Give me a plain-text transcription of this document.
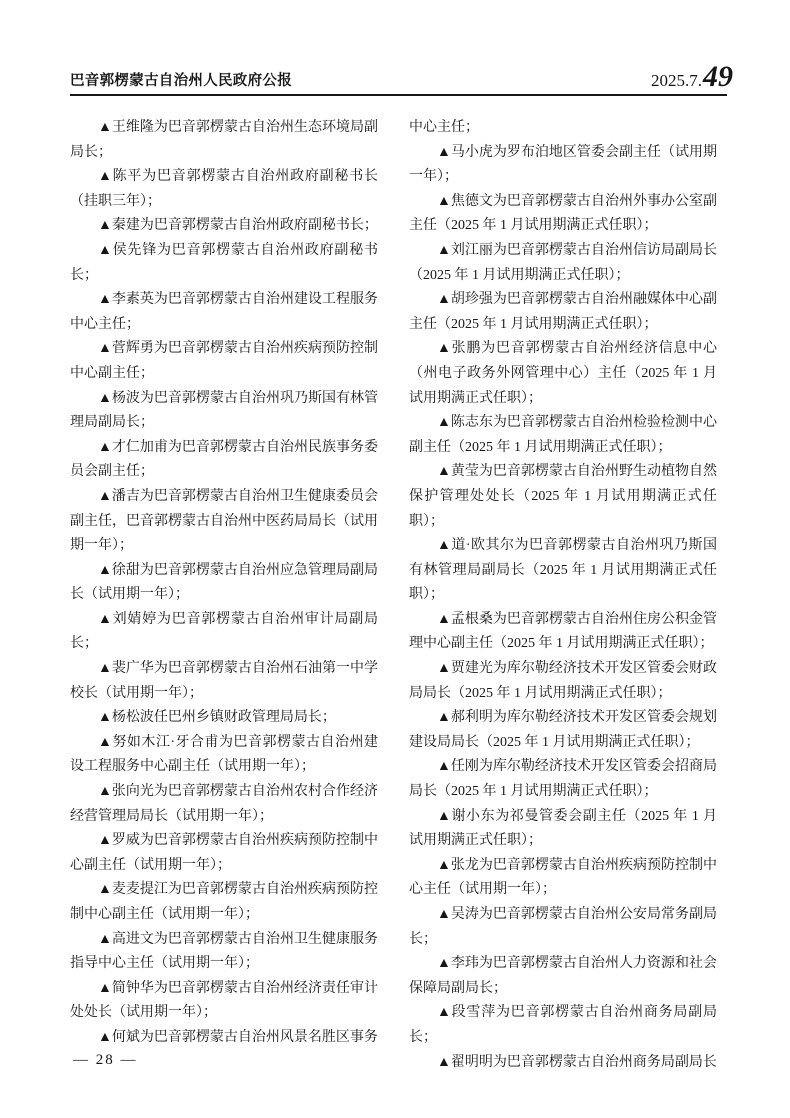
巴音郭楞蒙古自治州人民政府公报	2025.7. 49

▲王维隆为巴音郭楞蒙古自治州生态环境局副局长；

▲陈平为巴音郭楞蒙古自治州政府副秘书长（挂职三年）；

▲秦建为巴音郭楞蒙古自治州政府副秘书长；

▲侯先锋为巴音郭楞蒙古自治州政府副秘书长；

▲李素英为巴音郭楞蒙古自治州建设工程服务中心主任；

▲菅辉勇为巴音郭楞蒙古自治州疾病预防控制中心副主任；

▲杨波为巴音郭楞蒙古自治州巩乃斯国有林管理局副局长；

▲才仁加甫为巴音郭楞蒙古自治州民族事务委员会副主任；

▲潘吉为巴音郭楞蒙古自治州卫生健康委员会副主任，巴音郭楞蒙古自治州中医药局局长（试用期一年）；

▲徐甜为巴音郭楞蒙古自治州应急管理局副局长（试用期一年）；

▲刘婧婷为巴音郭楞蒙古自治州审计局副局长；

▲裴广华为巴音郭楞蒙古自治州石油第一中学校长（试用期一年）；

▲杨松波任巴州乡镇财政管理局局长；

▲努如木江·牙合甫为巴音郭楞蒙古自治州建设工程服务中心副主任（试用期一年）；

▲张向光为巴音郭楞蒙古自治州农村合作经济经营管理局局长（试用期一年）；

▲罗威为巴音郭楞蒙古自治州疾病预防控制中心副主任（试用期一年）；

▲麦麦提江为巴音郭楞蒙古自治州疾病预防控制中心副主任（试用期一年）；

▲高进文为巴音郭楞蒙古自治州卫生健康服务指导中心主任（试用期一年）；

▲简钟华为巴音郭楞蒙古自治州经济责任审计处处长（试用期一年）；

▲何斌为巴音郭楞蒙古自治州风景名胜区事务

中心主任；

▲马小虎为罗布泊地区管委会副主任（试用期一年）；

▲焦德文为巴音郭楞蒙古自治州外事办公室副主任（2025 年 1 月试用期满正式任职）；

▲刘江丽为巴音郭楞蒙古自治州信访局副局长（2025 年 1 月试用期满正式任职）；

▲胡珍强为巴音郭楞蒙古自治州融媒体中心副主任（2025 年 1 月试用期满正式任职）；

▲张鹏为巴音郭楞蒙古自治州经济信息中心（州电子政务外网管理中心）主任（2025 年 1 月试用期满正式任职）；

▲陈志东为巴音郭楞蒙古自治州检验检测中心副主任（2025 年 1 月试用期满正式任职）；

▲黄莹为巴音郭楞蒙古自治州野生动植物自然保护管理处处长（2025 年 1 月试用期满正式任职）；

▲道·欧其尔为巴音郭楞蒙古自治州巩乃斯国有林管理局副局长（2025 年 1 月试用期满正式任职）；

▲孟根桑为巴音郭楞蒙古自治州住房公积金管理中心副主任（2025 年 1 月试用期满正式任职）；

▲贾建光为库尔勒经济技术开发区管委会财政局局长（2025 年 1 月试用期满正式任职）；

▲郝利明为库尔勒经济技术开发区管委会规划建设局局长（2025 年 1 月试用期满正式任职）；

▲任刚为库尔勒经济技术开发区管委会招商局局长（2025 年 1 月试用期满正式任职）；

▲谢小东为祁曼管委会副主任（2025 年 1 月试用期满正式任职）；

▲张龙为巴音郭楞蒙古自治州疾病预防控制中心主任（试用期一年）；

▲吴涛为巴音郭楞蒙古自治州公安局常务副局长；

▲李玮为巴音郭楞蒙古自治州人力资源和社会保障局副局长；

▲段雪萍为巴音郭楞蒙古自治州商务局副局长；

▲翟明明为巴音郭楞蒙古自治州商务局副局长

— 28 —
